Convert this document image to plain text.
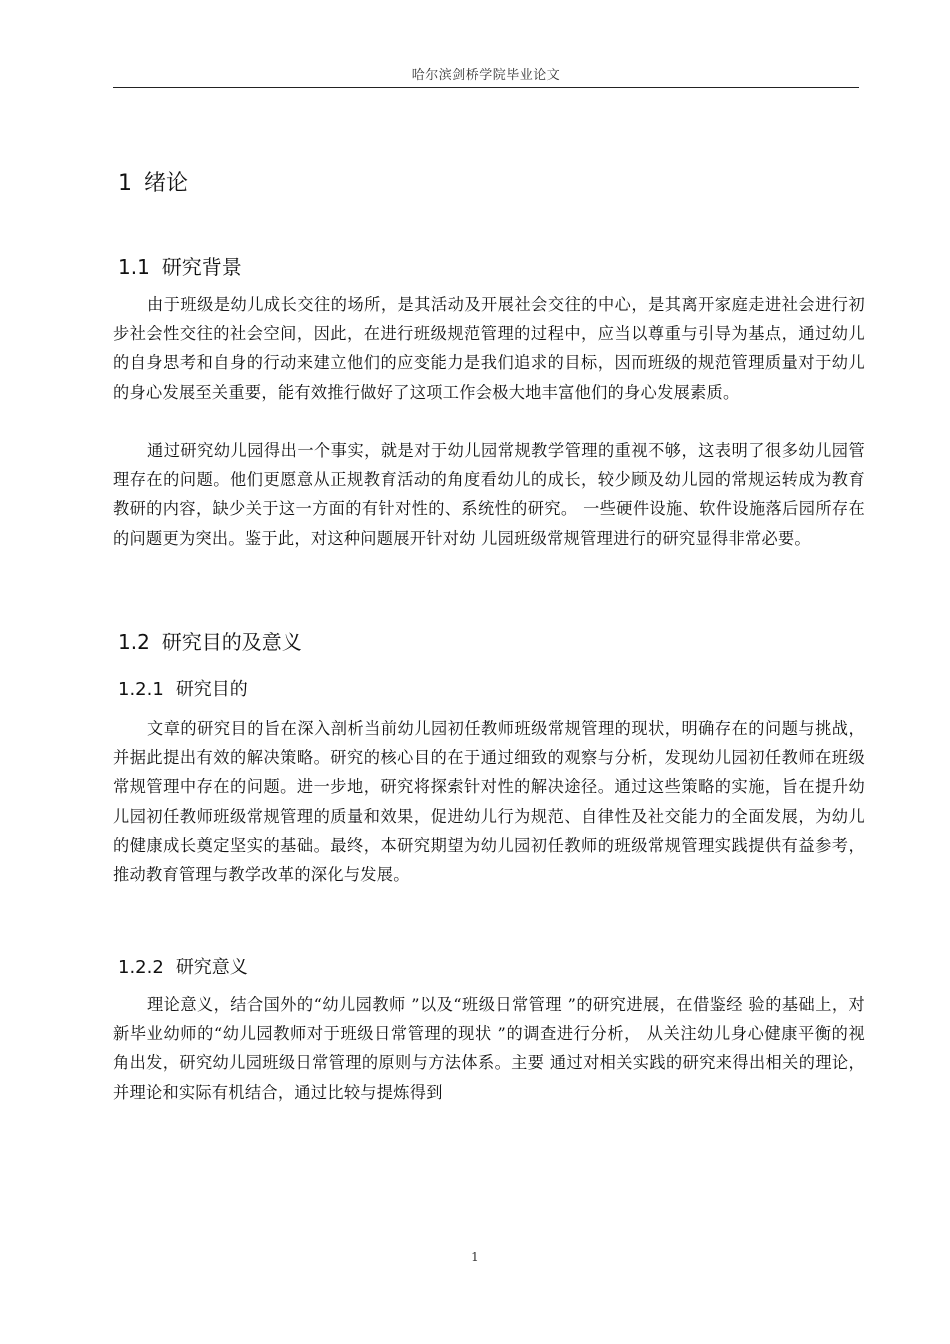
哈尔滨剑桥学院毕业论文
1 绪论
1.1 研究背景

由于班级是幼儿成长交往的场所，是其活动及开展社会交往的中心，是其离开家庭走进社会进行初步社会性交往的社会空间，因此，在进行班级规范管理的过程中，应当以尊重与引导为基点，通过幼儿的自身思考和自身的行动来建立他们的应变能力是我们追求的目标，因而班级的规范管理质量对于幼儿的身心发展至关重要，能有效推行做好了这项工作会极大地丰富他们的身心发展素质。

通过研究幼儿园得出一个事实，就是对于幼儿园常规教学管理的重视不够，这表明了很多幼儿园管理存在的问题。他们更愿意从正规教育活动的角度看幼儿的成长，较少顾及幼儿园的常规运转成为教育教研的内容，缺少关于这一方面的有针对性的、系统性的研究。 一些硬件设施、软件设施落后园所存在的问题更为突出。鉴于此，对这种问题展开针对幼 儿园班级常规管理进行的研究显得非常必要。

1.2 研究目的及意义
1.2.1 研究目的

文章的研究目的旨在深入剖析当前幼儿园初任教师班级常规管理的现状，明确存在的问题与挑战，并据此提出有效的解决策略。研究的核心目的在于通过细致的观察与分析，发现幼儿园初任教师在班级常规管理中存在的问题。进一步地，研究将探索针对性的解决途径。通过这些策略的实施，旨在提升幼儿园初任教师班级常规管理的质量和效果，促进幼儿行为规范、自律性及社交能力的全面发展，为幼儿的健康成长奠定坚实的基础。最终，本研究期望为幼儿园初任教师的班级常规管理实践提供有益参考，推动教育管理与教学改革的深化与发展。

1.2.2 研究意义

理论意义，结合国外的“幼儿园教师 ”以及“班级日常管理 ”的研究进展，在借鉴经 验的基础上，对新毕业幼师的“幼儿园教师对于班级日常管理的现状 ”的调查进行分析， 从关注幼儿身心健康平衡的视角出发，研究幼儿园班级日常管理的原则与方法体系。主要 通过对相关实践的研究来得出相关的理论，并理论和实际有机结合，通过比较与提炼得到

1
